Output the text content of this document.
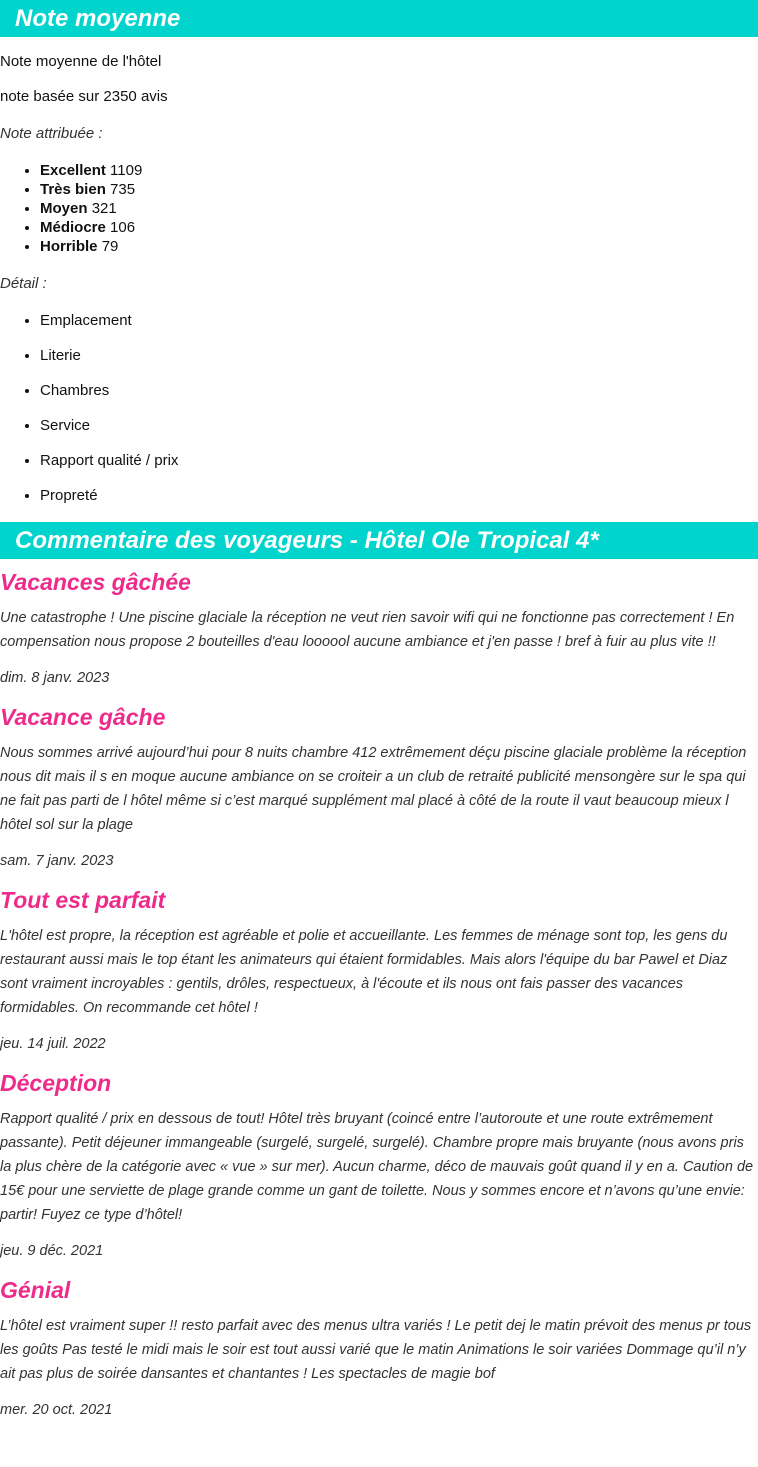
Note moyenne

Note moyenne de l'hôtel

note basée sur 2350 avis

Note attribuée :

• Excellent 1109
• Très bien 735
• Moyen 321
• Médiocre 106
• Horrible 79

Détail :

• Emplacement
• Literie
• Chambres
• Service
• Rapport qualité / prix
• Propreté
Commentaire des voyageurs - Hôtel Ole Tropical 4*
Vacances gâchée

Une catastrophe ! Une piscine glaciale la réception ne veut rien savoir wifi qui ne fonctionne pas correctement ! En compensation nous propose 2 bouteilles d'eau loooool aucune ambiance et j'en passe ! bref à fuir au plus vite !!

dim. 8 janv. 2023

Vacance gâche

Nous sommes arrivé aujourd’hui pour 8 nuits chambre 412 extrêmement déçu piscine glaciale problème la réception nous dit mais il s en moque aucune ambiance on se croiteir a un club de retraité publicité mensongère sur le spa qui ne fait pas parti de l hôtel même si c’est marqué supplément mal placé à côté de la route il vaut beaucoup mieux l hôtel sol sur la plage

sam. 7 janv. 2023

Tout est parfait

L'hôtel est propre, la réception est agréable et polie et accueillante. Les femmes de ménage sont top, les gens du restaurant aussi mais le top étant les animateurs qui étaient formidables. Mais alors l'équipe du bar Pawel et Diaz sont vraiment incroyables : gentils, drôles, respectueux, à l'écoute et ils nous ont fais passer des vacances formidables. On recommande cet hôtel !

jeu. 14 juil. 2022

Déception

Rapport qualité / prix en dessous de tout! Hôtel très bruyant (coincé entre l’autoroute et une route extrêmement passante). Petit déjeuner immangeable (surgelé, surgelé, surgelé). Chambre propre mais bruyante (nous avons pris la plus chère de la catégorie avec « vue » sur mer). Aucun charme, déco de mauvais goût quand il y en a. Caution de 15€ pour une serviette de plage grande comme un gant de toilette. Nous y sommes encore et n’avons qu’une envie: partir! Fuyez ce type d’hôtel!

jeu. 9 déc. 2021

Génial

L’hôtel est vraiment super !! resto parfait avec des menus ultra variés ! Le petit dej le matin prévoit des menus pr tous les goûts Pas testé le midi mais le soir est tout aussi varié que le matin Animations le soir variées Dommage qu’il n’y ait pas plus de soirée dansantes et chantantes ! Les spectacles de magie bof

mer. 20 oct. 2021
